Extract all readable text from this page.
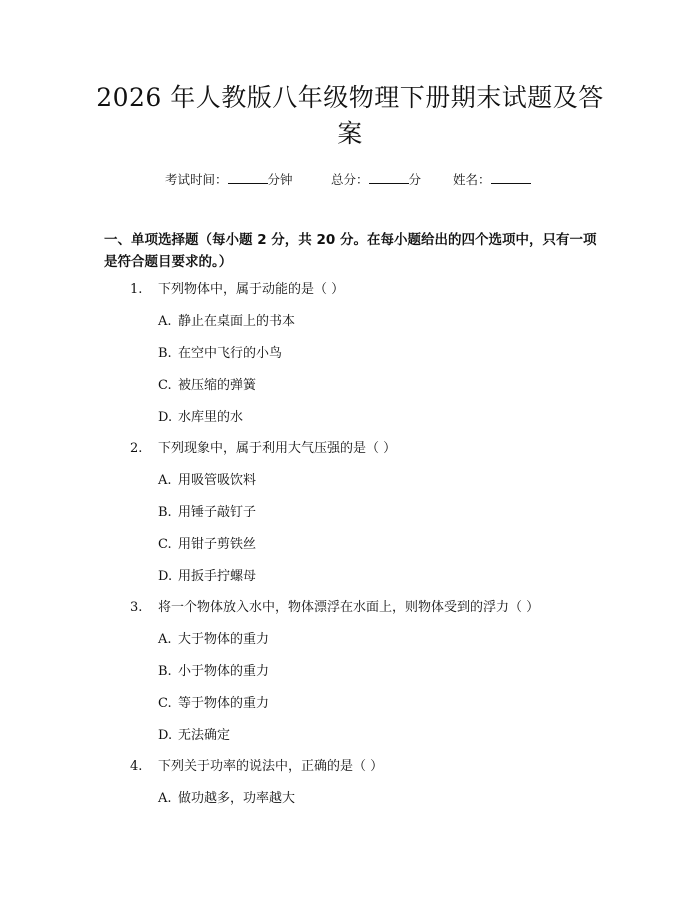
2026 年人教版八年级物理下册期末试题及答
案
考试时间：	分钟	总分：	分	姓名：
一、单项选择题（每小题 2 分，共 20 分。在每小题给出的四个选项中，只有一项
是符合题目要求的。）
1. 下列物体中，属于动能的是（ ）
A. 静止在桌面上的书本
B. 在空中飞行的小鸟
C. 被压缩的弹簧
D. 水库里的水
2. 下列现象中，属于利用大气压强的是（ ）
A. 用吸管吸饮料
B. 用锤子敲钉子
C. 用钳子剪铁丝
D. 用扳手拧螺母
3. 将一个物体放入水中，物体漂浮在水面上，则物体受到的浮力（ ）
A. 大于物体的重力
B. 小于物体的重力
C. 等于物体的重力
D. 无法确定
4. 下列关于功率的说法中，正确的是（ ）
A. 做功越多，功率越大
